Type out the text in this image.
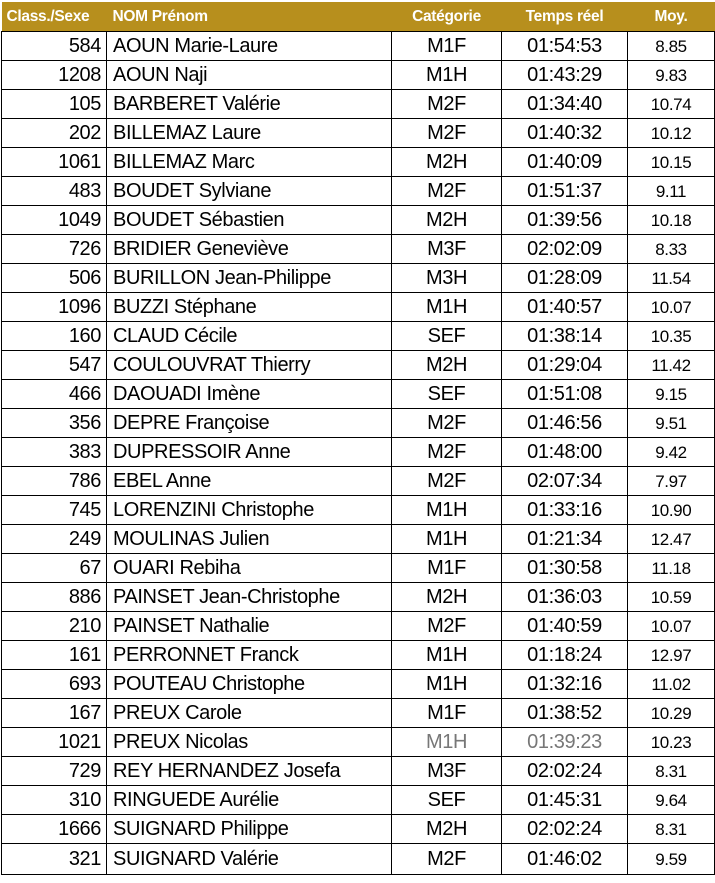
Class./Sexe	NOM Prénom	Catégorie	Temps réel	Moy.
584	AOUN Marie-Laure	M1F	01:54:53	8.85
1208	AOUN Naji	M1H	01:43:29	9.83
105	BARBERET Valérie	M2F	01:34:40	10.74
202	BILLEMAZ Laure	M2F	01:40:32	10.12
1061	BILLEMAZ Marc	M2H	01:40:09	10.15
483	BOUDET Sylviane	M2F	01:51:37	9.11
1049	BOUDET Sébastien	M2H	01:39:56	10.18
726	BRIDIER Geneviève	M3F	02:02:09	8.33
506	BURILLON Jean-Philippe	M3H	01:28:09	11.54
1096	BUZZI Stéphane	M1H	01:40:57	10.07
160	CLAUD Cécile	SEF	01:38:14	10.35
547	COULOUVRAT Thierry	M2H	01:29:04	11.42
466	DAOUADI Imène	SEF	01:51:08	9.15
356	DEPRE Françoise	M2F	01:46:56	9.51
383	DUPRESSOIR Anne	M2F	01:48:00	9.42
786	EBEL Anne	M2F	02:07:34	7.97
745	LORENZINI Christophe	M1H	01:33:16	10.90
249	MOULINAS Julien	M1H	01:21:34	12.47
67	OUARI Rebiha	M1F	01:30:58	11.18
886	PAINSET Jean-Christophe	M2H	01:36:03	10.59
210	PAINSET Nathalie	M2F	01:40:59	10.07
161	PERRONNET Franck	M1H	01:18:24	12.97
693	POUTEAU Christophe	M1H	01:32:16	11.02
167	PREUX Carole	M1F	01:38:52	10.29
1021	PREUX Nicolas	M1H	01:39:23	10.23
729	REY HERNANDEZ Josefa	M3F	02:02:24	8.31
310	RINGUEDE Aurélie	SEF	01:45:31	9.64
1666	SUIGNARD Philippe	M2H	02:02:24	8.31
321	SUIGNARD Valérie	M2F	01:46:02	9.59
